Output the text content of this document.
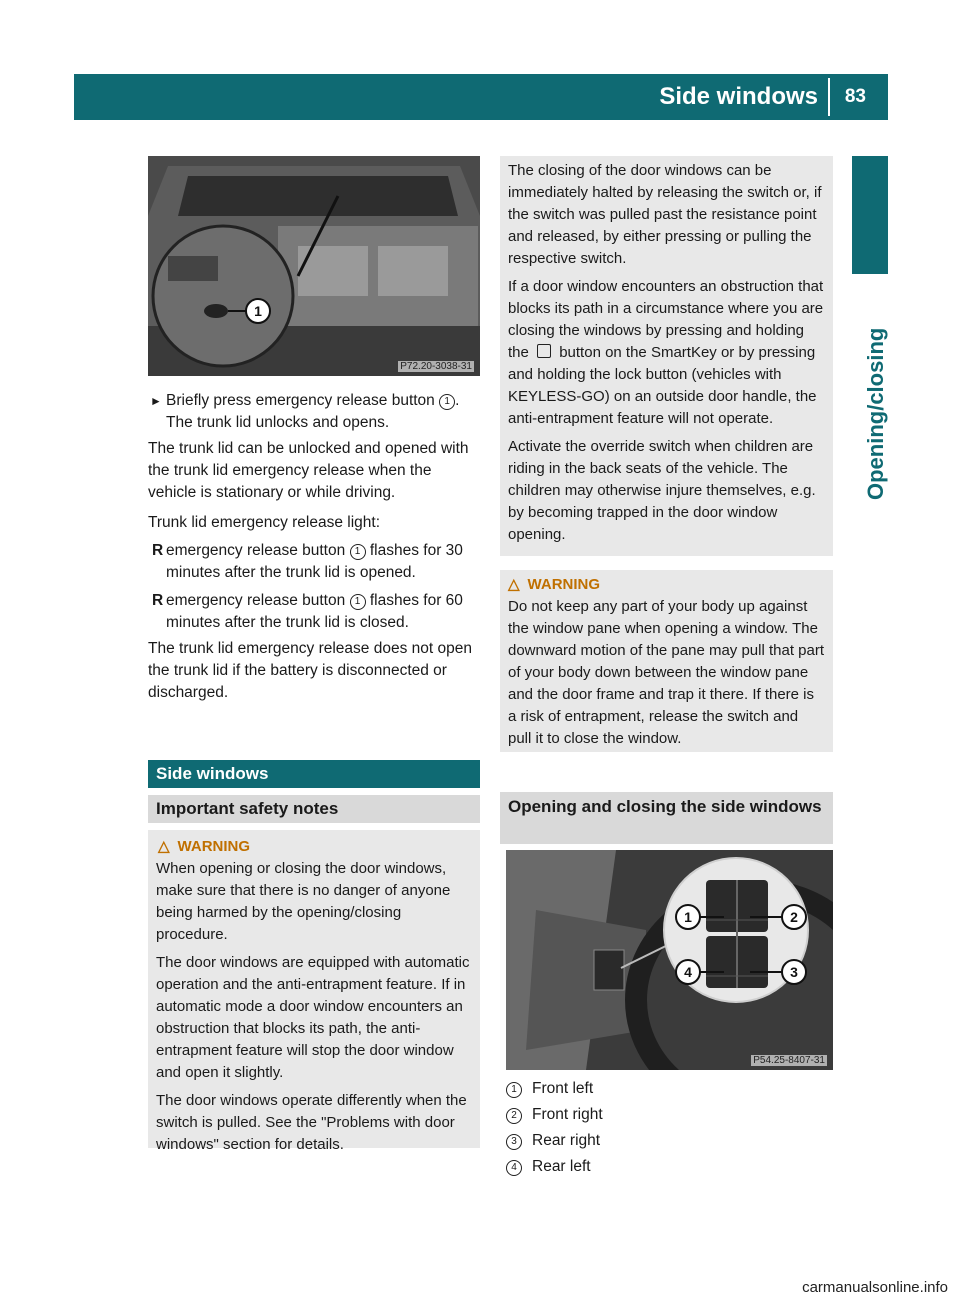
Side windows 83
Opening/closing
1
P72.20-3038-31
► Briefly press emergency release button 1 .
The trunk lid unlocks and opens.

The trunk lid can be unlocked and opened with the trunk lid emergency release when the vehicle is stationary or while driving.

Trunk lid emergency release light:

R emergency release button 1 flashes for 30 minutes after the trunk lid is opened.
R emergency release button 1 flashes for 60 minutes after the trunk lid is closed.

The trunk lid emergency release does not open the trunk lid if the battery is disconnected or discharged.

Side windows
Important safety notes
△ WARNING

When opening or closing the door windows, make sure that there is no danger of anyone being harmed by the opening/closing procedure.

The door windows are equipped with automatic operation and the anti-entrapment feature. If in automatic mode a door window encounters an obstruction that blocks its path, the anti-entrapment feature will stop the door window and open it slightly.

The door windows operate differently when the switch is pulled. See the "Problems with door windows" section for details.

The closing of the door windows can be immediately halted by releasing the switch or, if the switch was pulled past the resistance point and released, by either pressing or pulling the respective switch.

If a door window encounters an obstruction that blocks its path in a circumstance where you are closing the windows by pressing and holding the button on the SmartKey or by pressing and holding the lock button (vehicles with KEYLESS-GO) on an outside door handle, the anti-entrapment feature will not operate.

Activate the override switch when children are riding in the back seats of the vehicle. The children may otherwise injure themselves, e.g. by becoming trapped in the door window opening.

△ WARNING

Do not keep any part of your body up against the window pane when opening a window. The downward motion of the pane may pull that part of your body down between the window pane and the door frame and trap it there. If there is a risk of entrapment, release the switch and pull it to close the window.

Opening and closing the side windows
1	2
3
4
P54.25-8407-31
1 Front left
2 Front right
3 Rear right
4 Rear left
carmanualsonline.info
